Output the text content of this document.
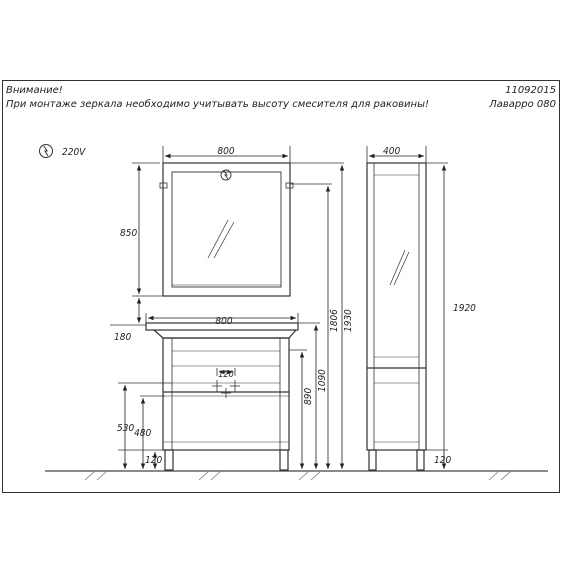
Внимание!
При монтаже зеркала необходимо учитывать высоту смесителя для раковины!
11092015
Лаварро 080
220V	800
850
180
800
120
530 480
120
1920
400
120
1930
1806
1090
890
